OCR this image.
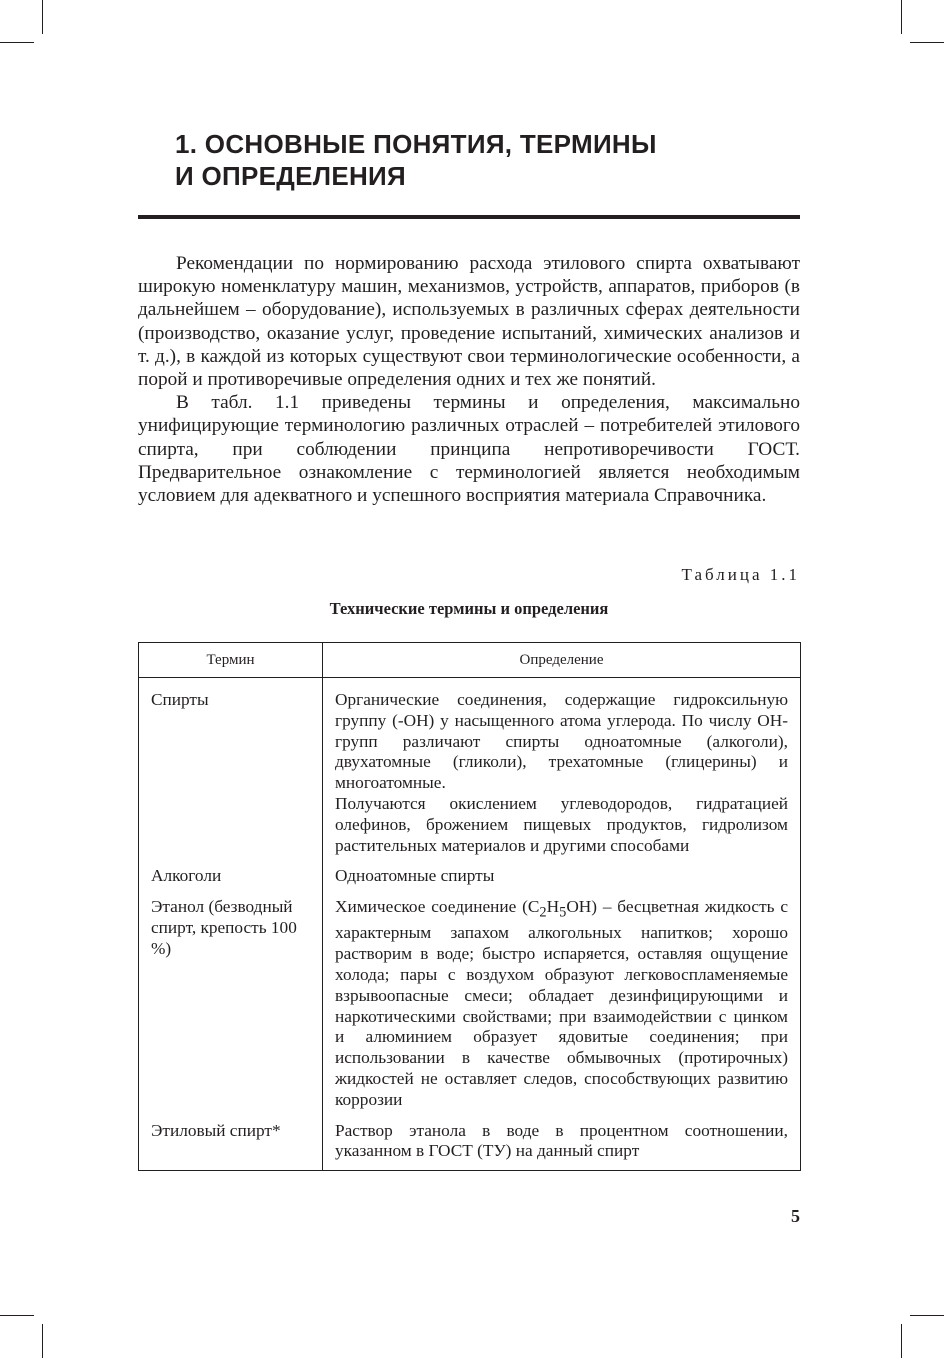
1. ОСНОВНЫЕ ПОНЯТИЯ, ТЕРМИНЫ
И ОПРЕДЕЛЕНИЯ

Рекомендации по нормированию расхода этилового спирта охватывают широкую номенклатуру машин, механизмов, устройств, аппаратов, приборов (в дальнейшем – оборудование), используемых в различных сферах деятельности (производство, оказание услуг, проведение испытаний, химических анализов и т. д.), в каждой из которых существуют свои терминологические особенности, а порой и противоречивые определения одних и тех же понятий.

В табл. 1.1 приведены термины и определения, максимально унифицирующие терминологию различных отраслей – потребителей этилового спирта, при соблюдении принципа непротиворечивости ГОСТ. Предварительное ознакомление с терминологией является необходимым условием для адекватного и успешного восприятия материала Справочника.

Таблица 1.1
Технические термины и определения
Термин	Определение

Спирты	Органические соединения, содержащие гидроксильную группу (-OH) у насыщенного атома углерода. По числу OH-групп различают спирты одноатомные (алкоголи), двухатомные (гликоли), трехатомные (глицерины) и многоатомные.
Получаются окислением углеводородов, гидратацией олефинов, брожением пищевых продуктов, гидролизом растительных материалов и другими способами

Алкоголи	Одноатомные спирты

Этанол (безводный спирт, крепость 100 %)	Химическое соединение $(C_2H_5OH)$ – бесцветная жидкость с характерным запахом алкогольных напитков; хорошо растворим в воде; быстро испаряется, оставляя ощущение холода; пары с воздухом образуют легковоспламеняемые взрывоопасные смеси; обладает дезинфицирующими и наркотическими свойствами; при взаимодействии с цинком и алюминием образует ядовитые соединения; при использовании в качестве обмывочных (протирочных) жидкостей не оставляет следов, способствующих развитию коррозии

Этиловый спирт*	Раствор этанола в воде в процентном соотношении, указанном в ГОСТ (ТУ) на данный спирт
5
